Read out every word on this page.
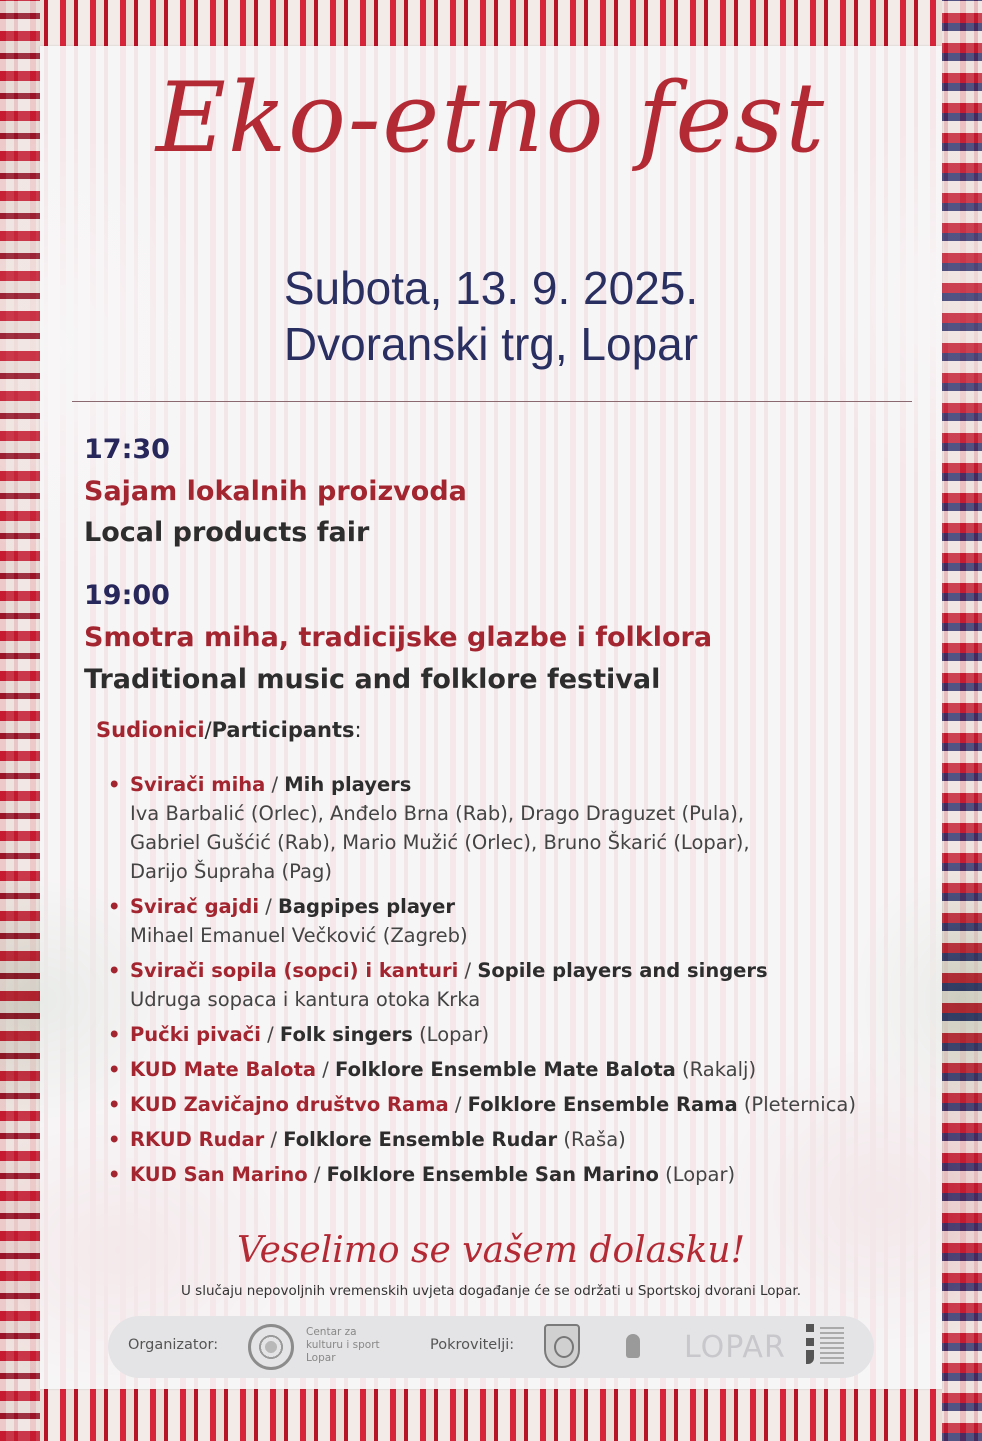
Eko-etno fest
Subota, 13. 9. 2025.
Dvoranski trg, Lopar
17:30
Sajam lokalnih proizvoda
Local products fair
19:00
Smotra miha, tradicijske glazbe i folklora
Traditional music and folklore festival
Sudionici/Participants:
• Svirači miha / Mih players
Iva Barbalić (Orlec), Anđelo Brna (Rab), Drago Draguzet (Pula),
Gabriel Gušćić (Rab), Mario Mužić (Orlec), Bruno Škarić (Lopar),
Darijo Šupraha (Pag)
• Svirač gajdi / Bagpipes player
Mihael Emanuel Večković (Zagreb)
• Svirači sopila (sopci) i kanturi / Sopile players and singers
Udruga sopaca i kantura otoka Krka
• Pučki pivači / Folk singers (Lopar)
• KUD Mate Balota / Folklore Ensemble Mate Balota (Rakalj)
• KUD Zavičajno društvo Rama / Folklore Ensemble Rama (Pleternica)
• RKUD Rudar / Folklore Ensemble Rudar (Raša)
• KUD San Marino / Folklore Ensemble San Marino (Lopar)
Veselimo se vašem dolasku!
U slučaju nepovoljnih vremenskih uvjeta događanje će se održati u Sportskoj dvorani Lopar.
Organizator:
Centar za
kulturu i sport
Lopar
Pokrovitelji:	LOPAR
